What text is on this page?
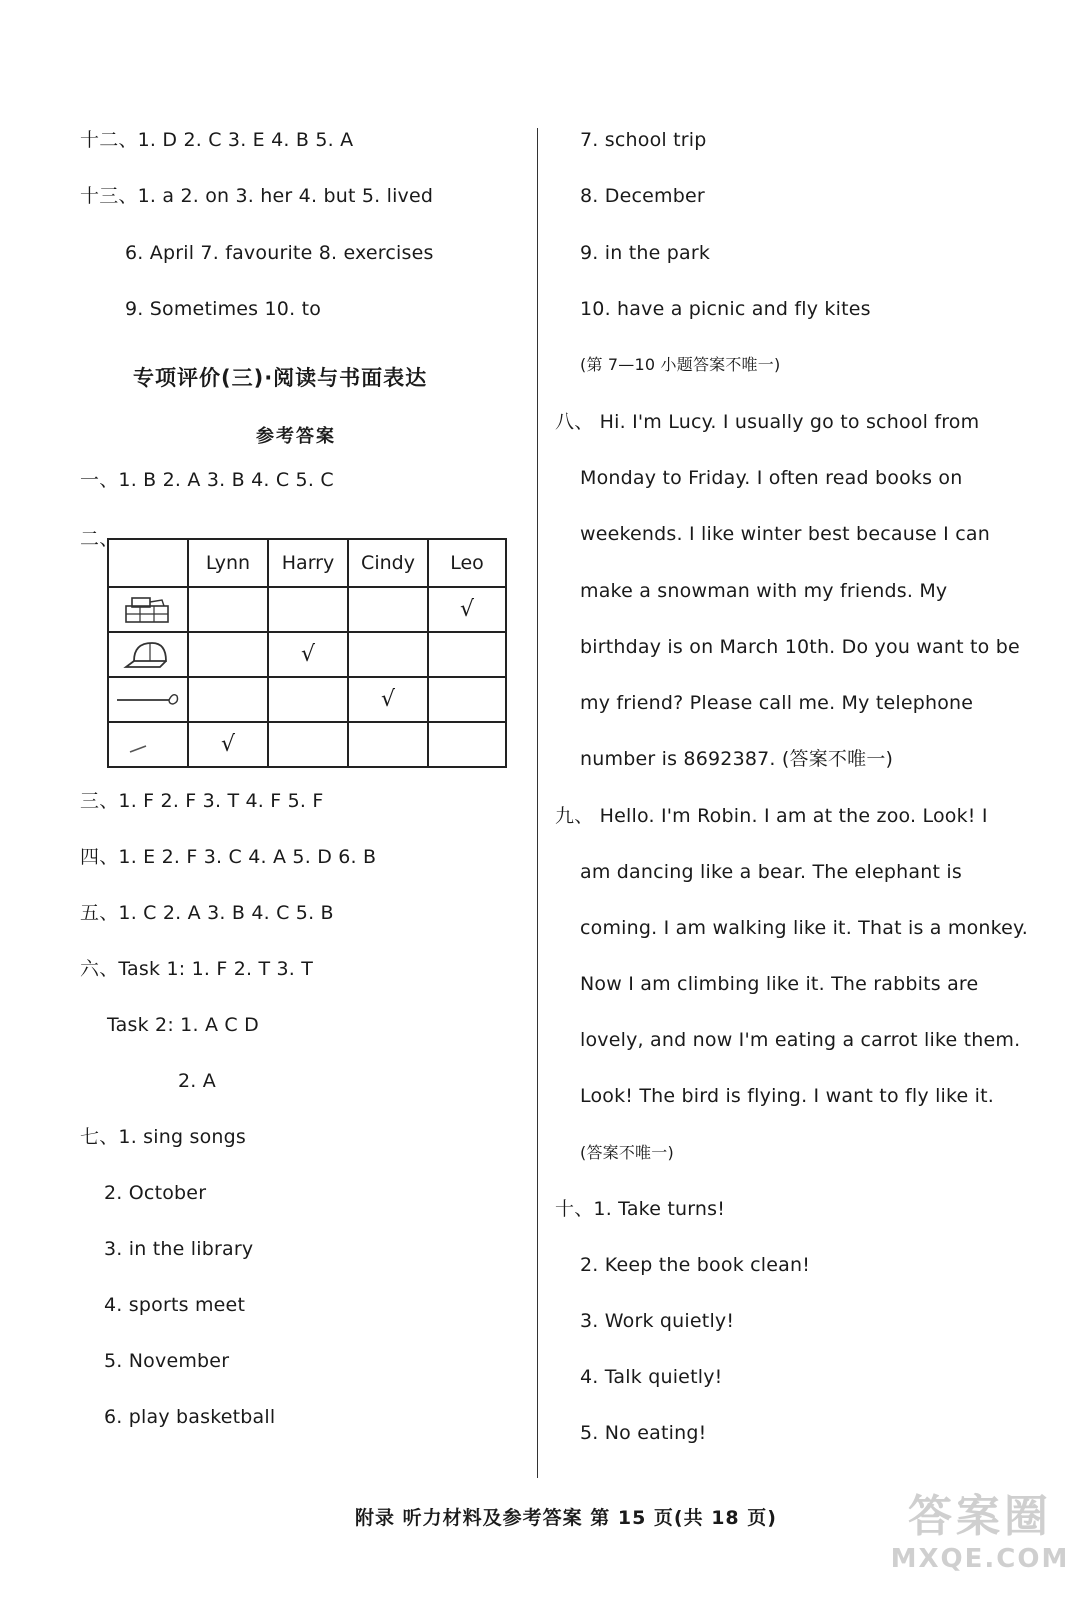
十二、1. D 2. C 3. E 4. B 5. A
十三、1. a 2. on 3. her 4. but 5. lived
6. April 7. favourite 8. exercises
9. Sometimes 10. to
专项评价(三)·阅读与书面表达
参考答案
一、1. B 2. A 3. B 4. C 5. C
二、
	Lynn	Harry	Cindy	Leo
				√
		√		
			√	
	√			
三、1. F 2. F 3. T 4. F 5. F
四、1. E 2. F 3. C 4. A 5. D 6. B
五、1. C 2. A 3. B 4. C 5. B
六、Task 1: 1. F 2. T 3. T
Task 2: 1. A C D
2. A
七、1. sing songs
2. October
3. in the library
4. sports meet
5. November
6. play basketball
7. school trip
8. December
9. in the park
10. have a picnic and fly kites
(第 7—10 小题答案不唯一)
八、 Hi. I'm Lucy. I usually go to school from
Monday to Friday. I often read books on
weekends. I like winter best because I can
make a snowman with my friends. My
birthday is on March 10th. Do you want to be
my friend? Please call me. My telephone
number is 8692387. (答案不唯一)
九、 Hello. I'm Robin. I am at the zoo. Look! I
am dancing like a bear. The elephant is
coming. I am walking like it. That is a monkey.
Now I am climbing like it. The rabbits are
lovely, and now I'm eating a carrot like them.
Look! The bird is flying. I want to fly like it.
(答案不唯一)
十、1. Take turns!
2. Keep the book clean!
3. Work quietly!
4. Talk quietly!
5. No eating!
附录 听力材料及参考答案 第 15 页(共 18 页)	答案圈
MXQE.COM
